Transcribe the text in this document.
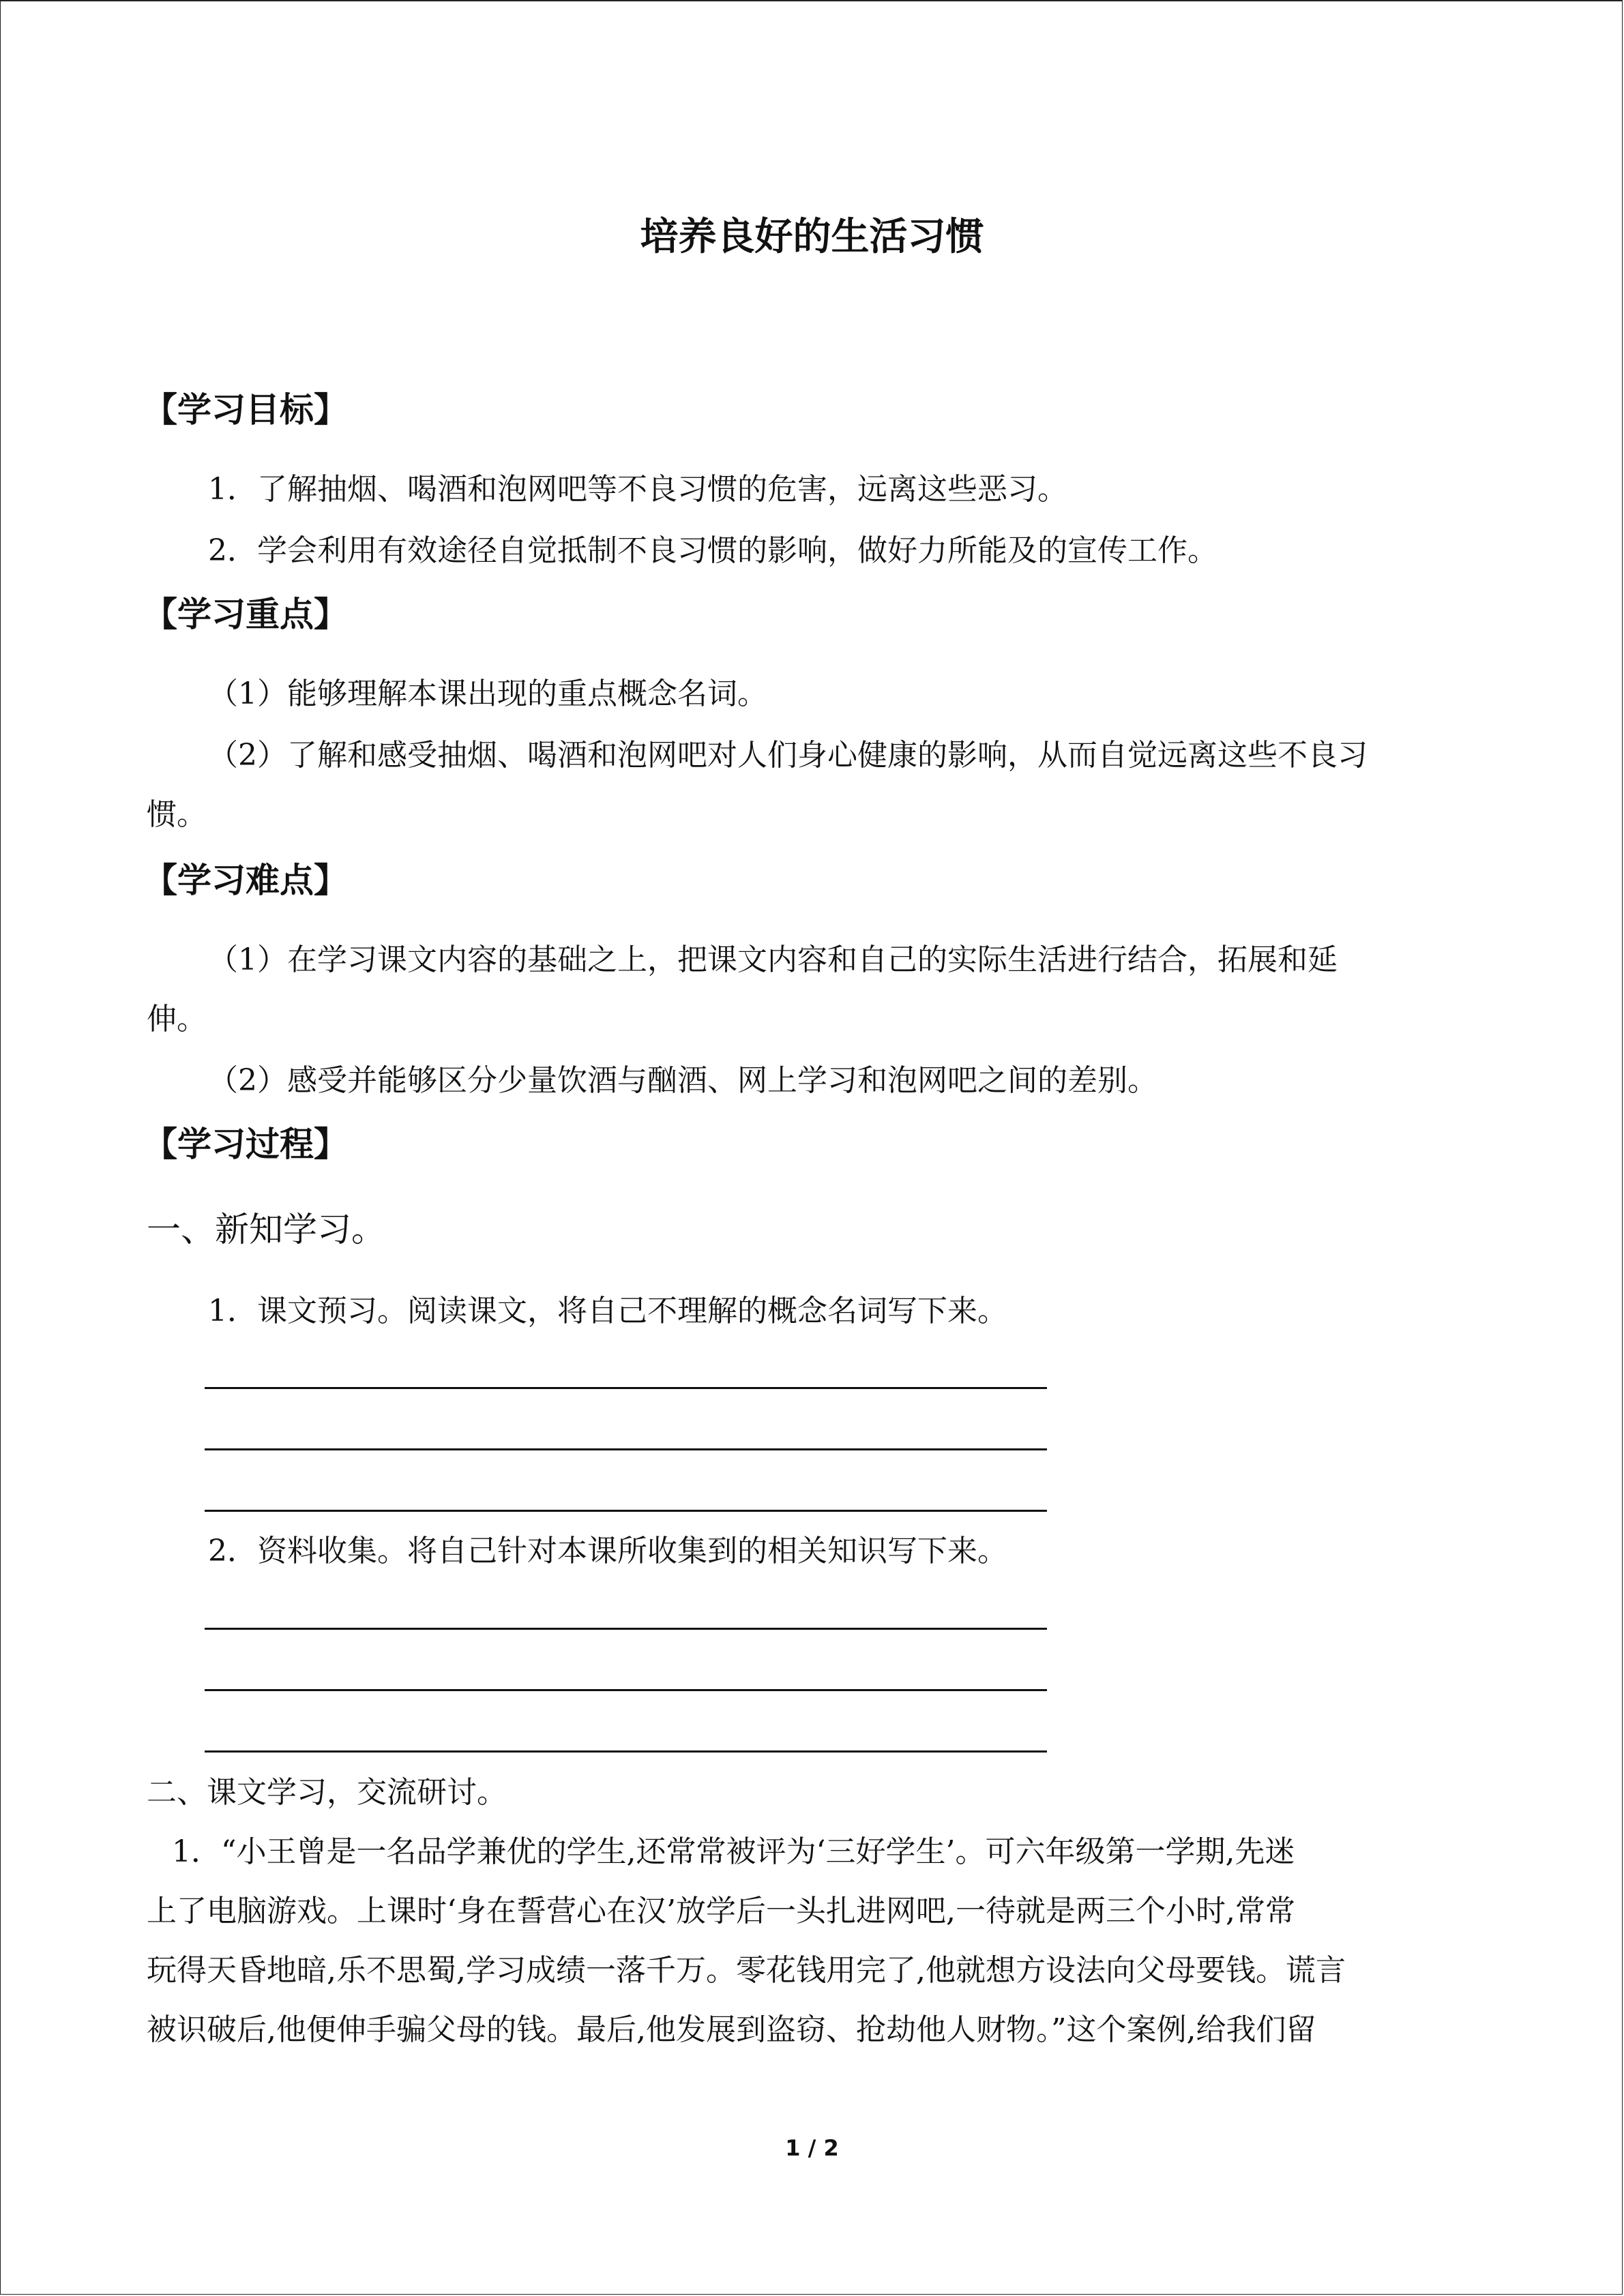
培养良好的生活习惯
【学习目标】
1．了解抽烟、喝酒和泡网吧等不良习惯的危害，远离这些恶习。
2．学会利用有效途径自觉抵制不良习惯的影响，做好力所能及的宣传工作。
【学习重点】
（1）能够理解本课出现的重点概念名词。
（2）了解和感受抽烟、喝酒和泡网吧对人们身心健康的影响，从而自觉远离这些不良习
惯。
【学习难点】
（1）在学习课文内容的基础之上，把课文内容和自己的实际生活进行结合，拓展和延
伸。
（2）感受并能够区分少量饮酒与酗酒、网上学习和泡网吧之间的差别。
【学习过程】
一、新知学习。
1．课文预习。阅读课文，将自己不理解的概念名词写下来。
2．资料收集。将自己针对本课所收集到的相关知识写下来。
二、课文学习，交流研讨。
1．“小王曾是一名品学兼优的学生,还常常被评为‘三好学生’。可六年级第一学期,先迷
上了电脑游戏。上课时‘身在誓营心在汉’放学后一头扎进网吧,一待就是两三个小时,常常
玩得天昏地暗,乐不思蜀,学习成绩一落千万。零花钱用完了,他就想方设法向父母要钱。谎言
被识破后,他便伸手骗父母的钱。最后,他发展到盗窃、抢劫他人财物。”这个案例,给我们留
1 / 2
